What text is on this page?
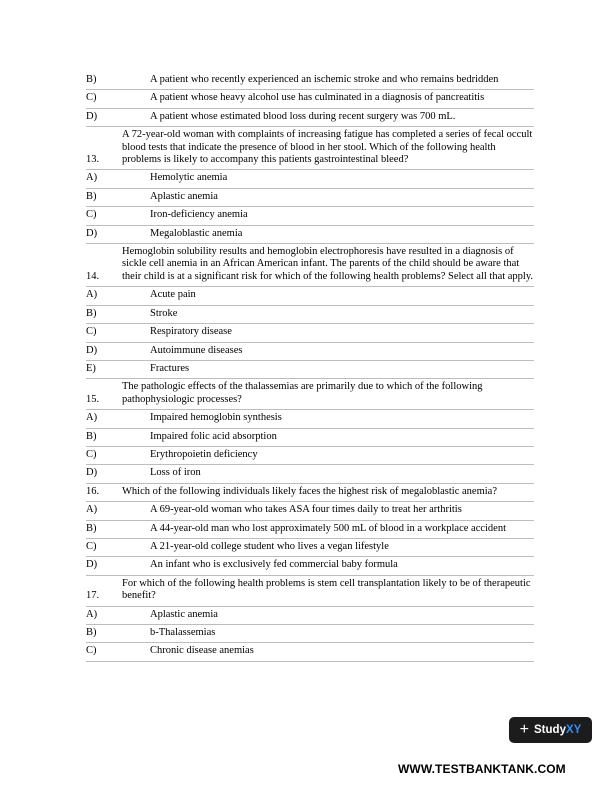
B)	A patient who recently experienced an ischemic stroke and who remains bedridden
C)	A patient whose heavy alcohol use has culminated in a diagnosis of pancreatitis
D)	A patient whose estimated blood loss during recent surgery was 700 mL.
13.	A 72-year-old woman with complaints of increasing fatigue has completed a series of fecal occult blood tests that indicate the presence of blood in her stool. Which of the following health problems is likely to accompany this patients gastrointestinal bleed?
A)	Hemolytic anemia
B)	Aplastic anemia
C)	Iron-deficiency anemia
D)	Megaloblastic anemia
14.	Hemoglobin solubility results and hemoglobin electrophoresis have resulted in a diagnosis of sickle cell anemia in an African American infant. The parents of the child should be aware that their child is at a significant risk for which of the following health problems? Select all that apply.
A)	Acute pain
B)	Stroke
C)	Respiratory disease
D)	Autoimmune diseases
E)	Fractures
15.	The pathologic effects of the thalassemias are primarily due to which of the following pathophysiologic processes?
A)	Impaired hemoglobin synthesis
B)	Impaired folic acid absorption
C)	Erythropoietin deficiency
D)	Loss of iron
16.	Which of the following individuals likely faces the highest risk of megaloblastic anemia?
A)	A 69-year-old woman who takes ASA four times daily to treat her arthritis
B)	A 44-year-old man who lost approximately 500 mL of blood in a workplace accident
C)	A 21-year-old college student who lives a vegan lifestyle
D)	An infant who is exclusively fed commercial baby formula
17.	For which of the following health problems is stem cell transplantation likely to be of therapeutic benefit?
A)	Aplastic anemia
B)	b-Thalassemias
C)	Chronic disease anemias
+ Study XY
WWW.TESTBANKTANK.COM
